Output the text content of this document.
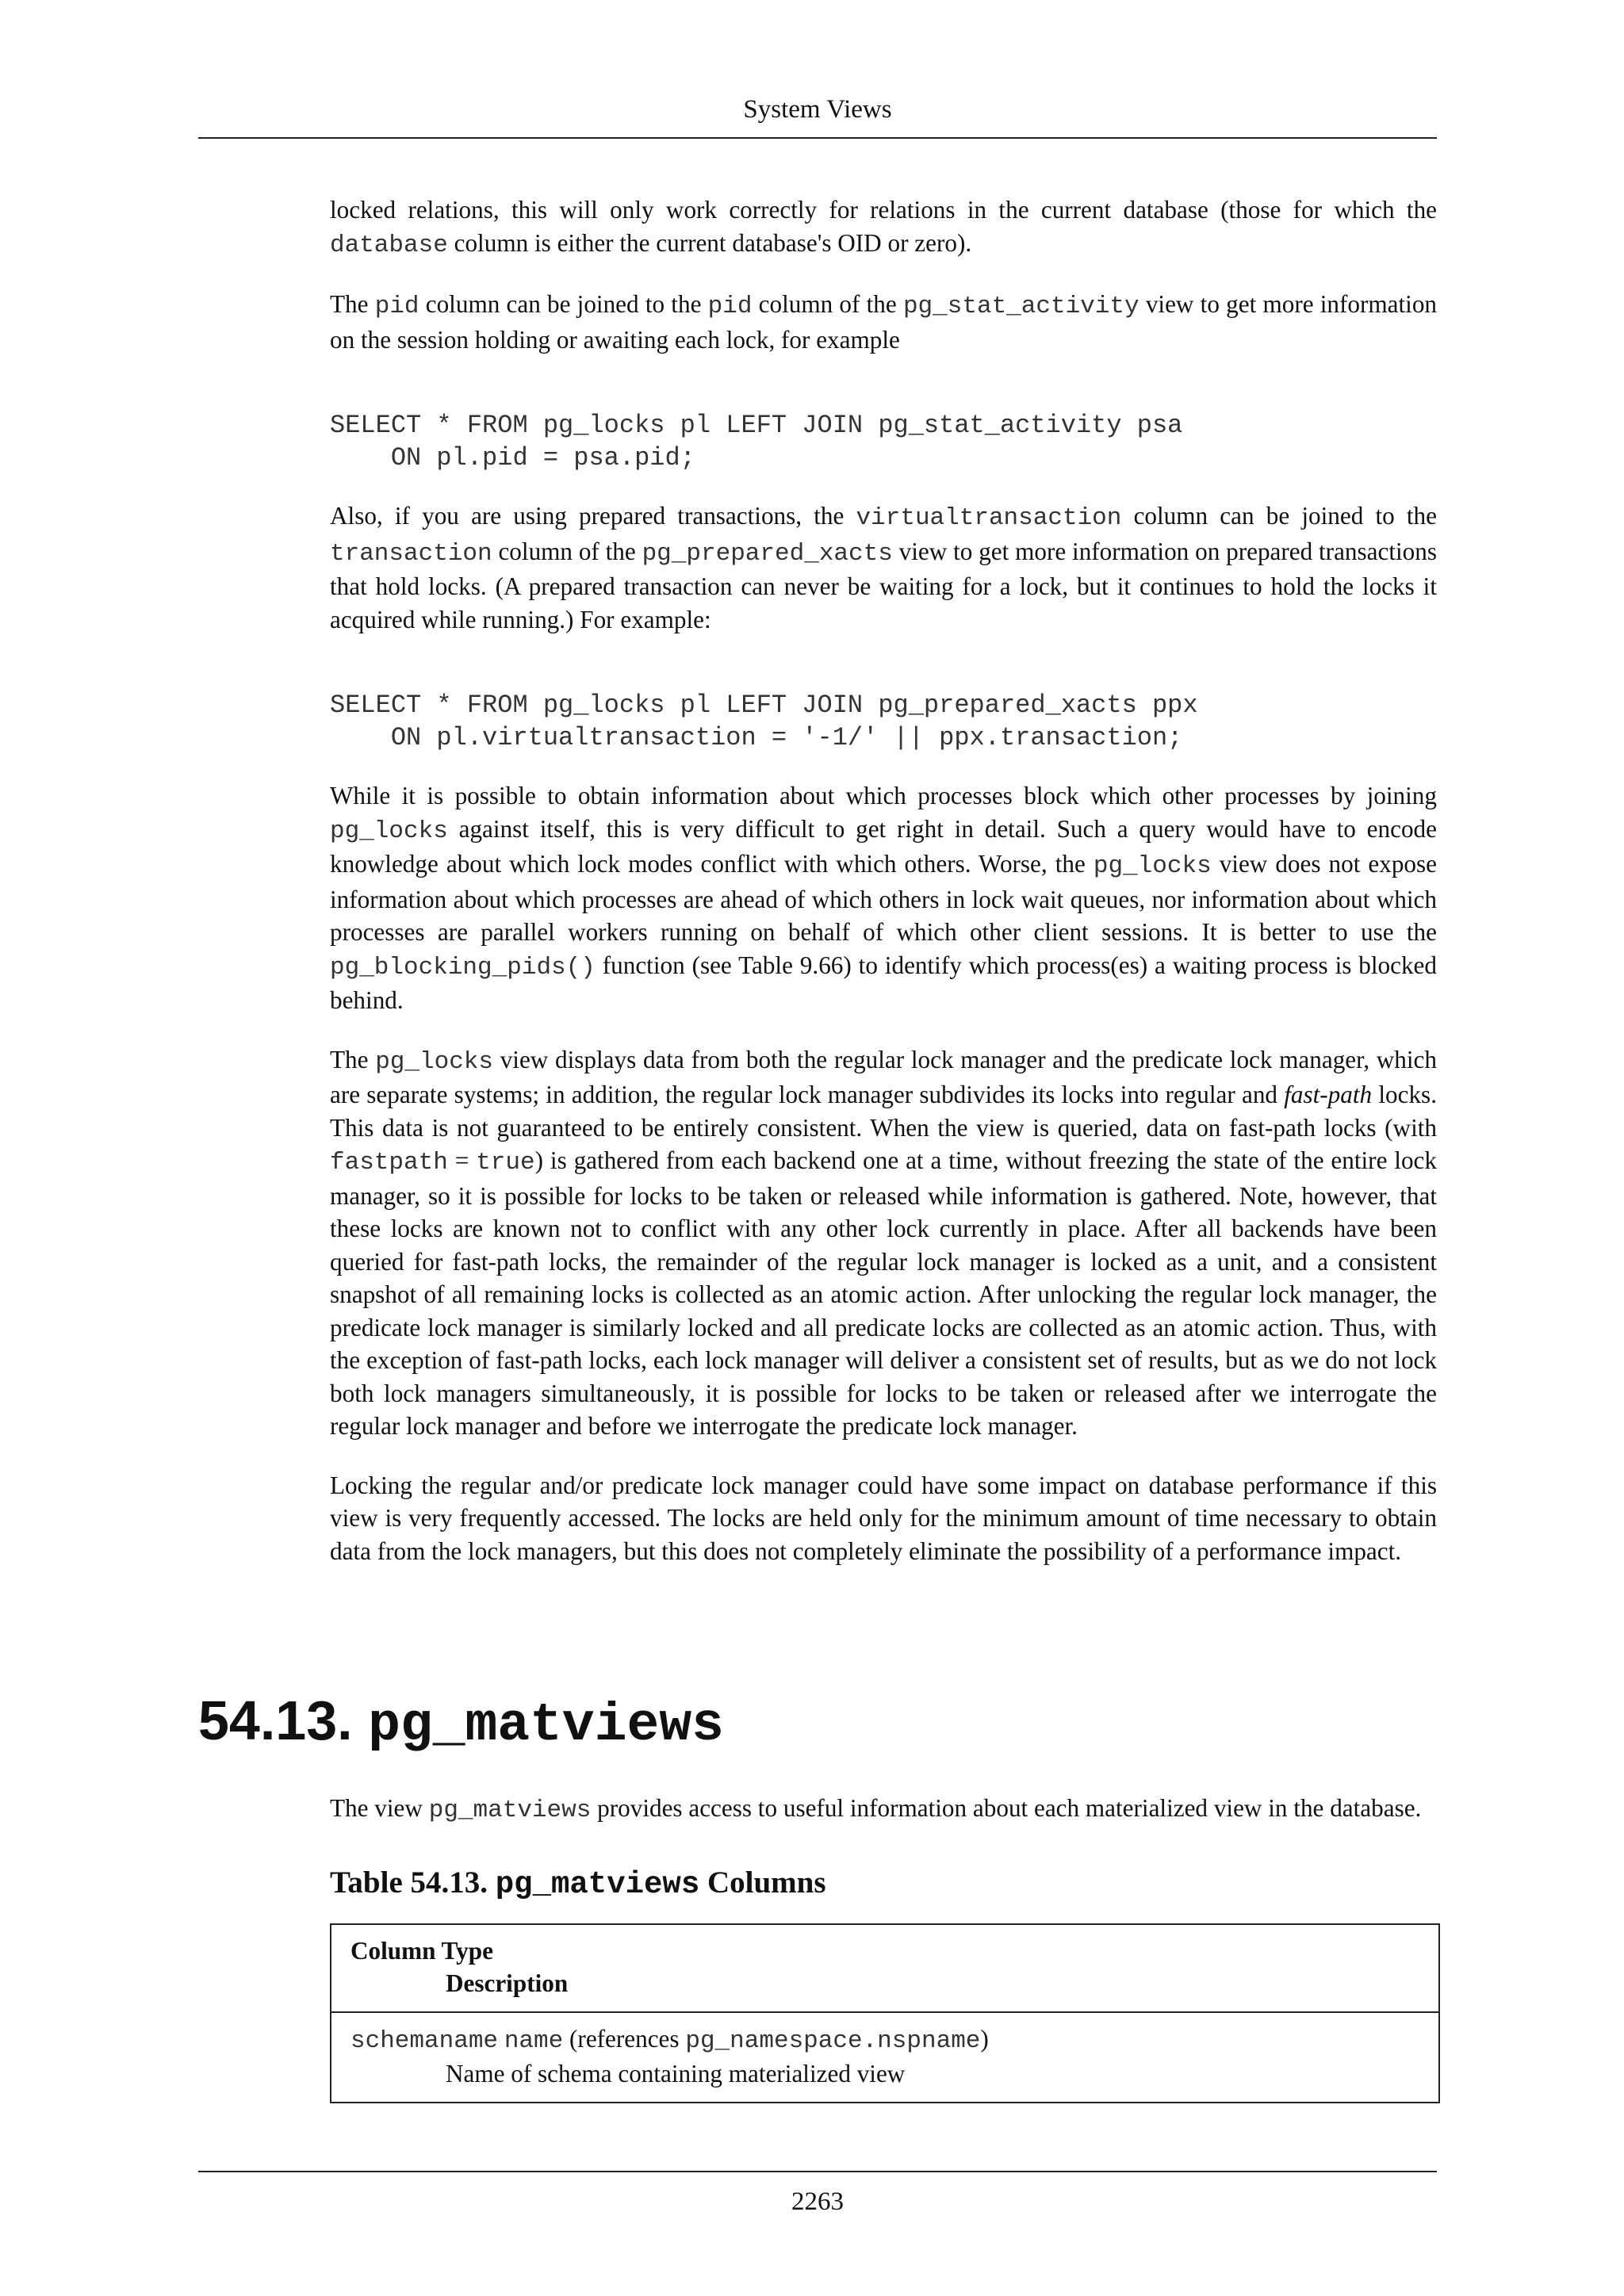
System Views

locked relations, this will only work correctly for relations in the current database (those for which the database column is either the current database's OID or zero).

The pid column can be joined to the pid column of the pg_stat_activity view to get more information on the session holding or awaiting each lock, for example

SELECT * FROM pg_locks pl LEFT JOIN pg_stat_activity psa
ON pl.pid = psa.pid;

Also, if you are using prepared transactions, the virtualtransaction column can be joined to the transaction column of the pg_prepared_xacts view to get more information on prepared transactions that hold locks. (A prepared transaction can never be waiting for a lock, but it continues to hold the locks it acquired while running.) For example:

SELECT * FROM pg_locks pl LEFT JOIN pg_prepared_xacts ppx
ON pl.virtualtransaction = '-1/' || ppx.transaction;

While it is possible to obtain information about which processes block which other processes by joining pg_locks against itself, this is very difficult to get right in detail. Such a query would have to encode knowledge about which lock modes conflict with which others. Worse, the pg_locks view does not expose information about which processes are ahead of which others in lock wait queues, nor information about which processes are parallel workers running on behalf of which other client sessions. It is better to use the pg_blocking_pids() function (see Table 9.66) to identify which process(es) a waiting process is blocked behind.

The pg_locks view displays data from both the regular lock manager and the predicate lock manager, which are separate systems; in addition, the regular lock manager subdivides its locks into regular and fast-path locks. This data is not guaranteed to be entirely consistent. When the view is queried, data on fast-path locks (with fastpath = true) is gathered from each backend one at a time, without freezing the state of the entire lock manager, so it is possible for locks to be taken or released while information is gathered. Note, however, that these locks are known not to conflict with any other lock currently in place. After all backends have been queried for fast-path locks, the remainder of the regular lock manager is locked as a unit, and a consistent snapshot of all remaining locks is collected as an atomic action. After unlocking the regular lock manager, the predicate lock manager is similarly locked and all predicate locks are collected as an atomic action. Thus, with the exception of fast-path locks, each lock manager will deliver a consistent set of results, but as we do not lock both lock managers simultaneously, it is possible for locks to be taken or released after we interrogate the regular lock manager and before we interrogate the predicate lock manager.

Locking the regular and/or predicate lock manager could have some impact on database performance if this view is very frequently accessed. The locks are held only for the minimum amount of time necessary to obtain data from the lock managers, but this does not completely eliminate the possibility of a performance impact.

54.13. pg_matviews

The view pg_matviews provides access to useful information about each materialized view in the database.

Table 54.13. pg_matviews Columns

Column Type
Description

schemaname name (references pg_namespace.nspname)
Name of schema containing materialized view
2263
